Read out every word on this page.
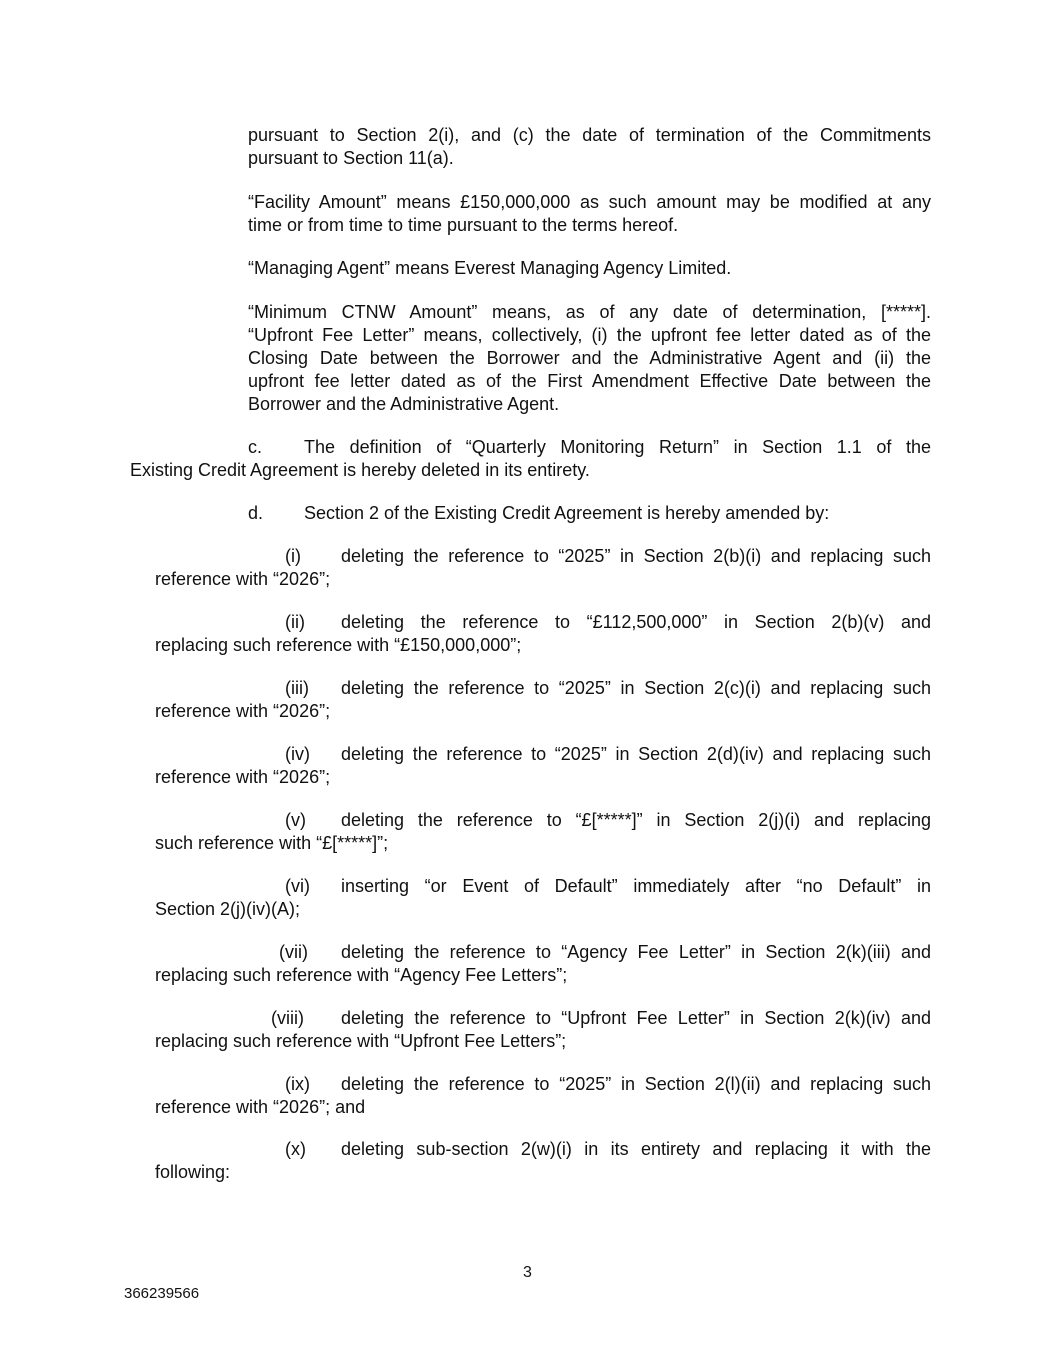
pursuant to Section 2(i), and (c) the date of termination of the Commitments
pursuant to Section 11(a).
“Facility Amount” means £150,000,000 as such amount may be modified at any
time or from time to time pursuant to the terms hereof.
“Managing Agent” means Everest Managing Agency Limited.
“Minimum CTNW Amount” means, as of any date of determination, [*****].
“Upfront Fee Letter” means, collectively, (i) the upfront fee letter dated as of the
Closing Date between the Borrower and the Administrative Agent and (ii) the
upfront fee letter dated as of the First Amendment Effective Date between the
Borrower and the Administrative Agent.
c. The definition of “Quarterly Monitoring Return” in Section 1.1 of the
Existing Credit Agreement is hereby deleted in its entirety.
d. Section 2 of the Existing Credit Agreement is hereby amended by:
(i) deleting the reference to “2025” in Section 2(b)(i) and replacing such
reference with “2026”;
(ii) deleting the reference to “£112,500,000” in Section 2(b)(v) and
replacing such reference with “£150,000,000”;
(iii) deleting the reference to “2025” in Section 2(c)(i) and replacing such
reference with “2026”;
(iv) deleting the reference to “2025” in Section 2(d)(iv) and replacing such
reference with “2026”;
(v) deleting the reference to “£[*****]” in Section 2(j)(i) and replacing
such reference with “£[*****]”;
(vi) inserting “or Event of Default” immediately after “no Default” in
Section 2(j)(iv)(A);
(vii) deleting the reference to “Agency Fee Letter” in Section 2(k)(iii) and
replacing such reference with “Agency Fee Letters”;
(viii) deleting the reference to “Upfront Fee Letter” in Section 2(k)(iv) and
replacing such reference with “Upfront Fee Letters”;
(ix) deleting the reference to “2025” in Section 2(l)(ii) and replacing such
reference with “2026”; and
(x) deleting sub-section 2(w)(i) in its entirety and replacing it with the
following:
3
366239566
